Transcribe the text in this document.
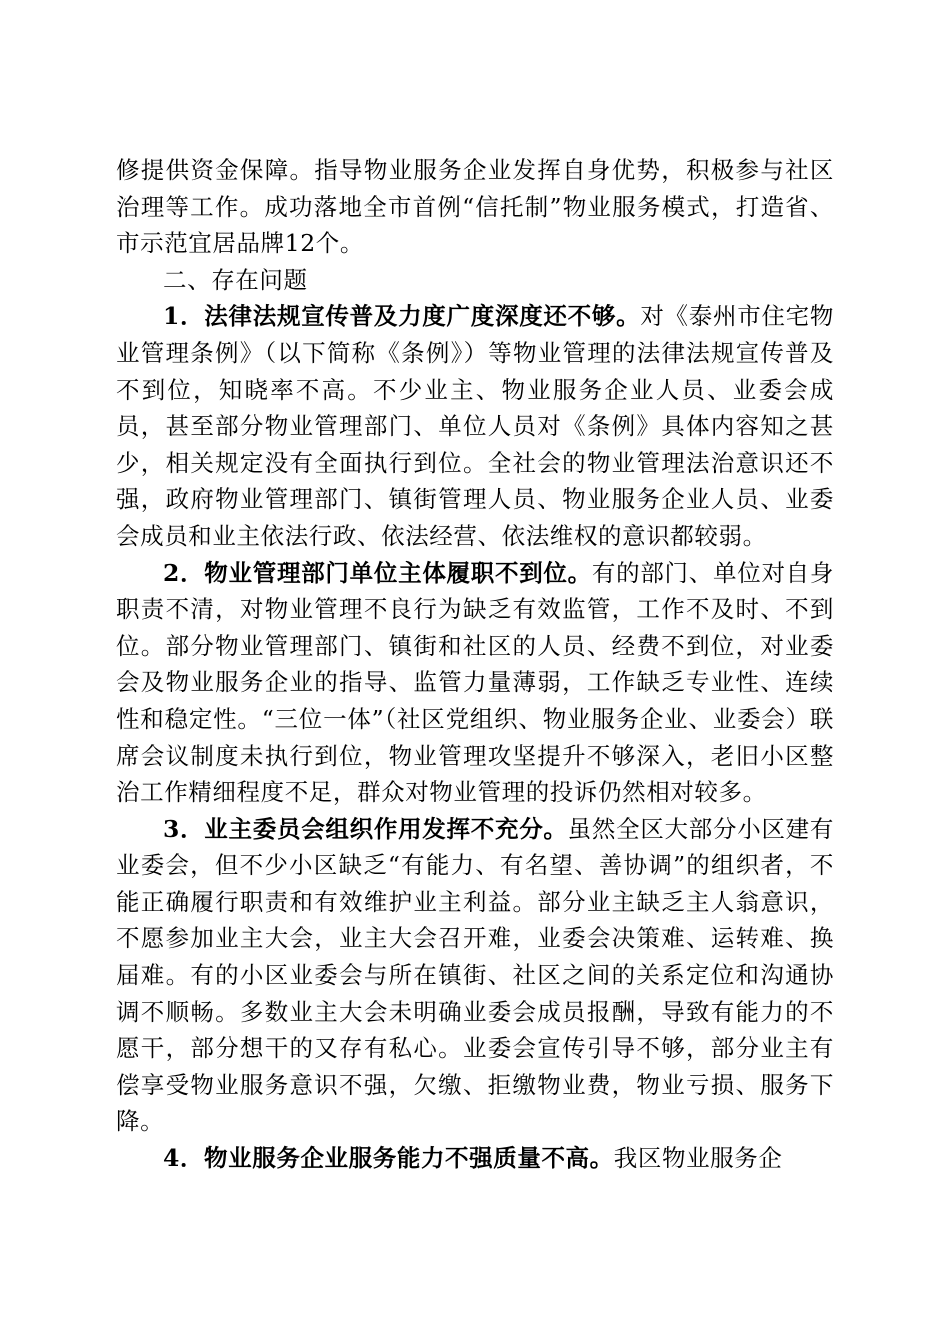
修提供资金保障。指导物业服务企业发挥自身优势，积极参与社区治理等工作。成功落地全市首例“信托制”物业服务模式，打造省、市示范宜居品牌12个。

二、存在问题

1．法律法规宣传普及力度广度深度还不够。对《泰州市住宅物业管理条例》（以下简称《条例》）等物业管理的法律法规宣传普及不到位，知晓率不高。不少业主、物业服务企业人员、业委会成员，甚至部分物业管理部门、单位人员对《条例》具体内容知之甚少，相关规定没有全面执行到位。全社会的物业管理法治意识还不强，政府物业管理部门、镇街管理人员、物业服务企业人员、业委会成员和业主依法行政、依法经营、依法维权的意识都较弱。

2．物业管理部门单位主体履职不到位。有的部门、单位对自身职责不清，对物业管理不良行为缺乏有效监管，工作不及时、不到位。部分物业管理部门、镇街和社区的人员、经费不到位，对业委会及物业服务企业的指导、监管力量薄弱，工作缺乏专业性、连续性和稳定性。“三位一体”（社区党组织、物业服务企业、业委会）联席会议制度未执行到位，物业管理攻坚提升不够深入，老旧小区整治工作精细程度不足，群众对物业管理的投诉仍然相对较多。

3．业主委员会组织作用发挥不充分。虽然全区大部分小区建有业委会，但不少小区缺乏“有能力、有名望、善协调”的组织者，不能正确履行职责和有效维护业主利益。部分业主缺乏主人翁意识，不愿参加业主大会，业主大会召开难，业委会决策难、运转难、换届难。有的小区业委会与所在镇街、社区之间的关系定位和沟通协调不顺畅。多数业主大会未明确业委会成员报酬，导致有能力的不愿干，部分想干的又存有私心。业委会宣传引导不够，部分业主有偿享受物业服务意识不强，欠缴、拒缴物业费，物业亏损、服务下降。

4．物业服务企业服务能力不强质量不高。我区物业服务企
